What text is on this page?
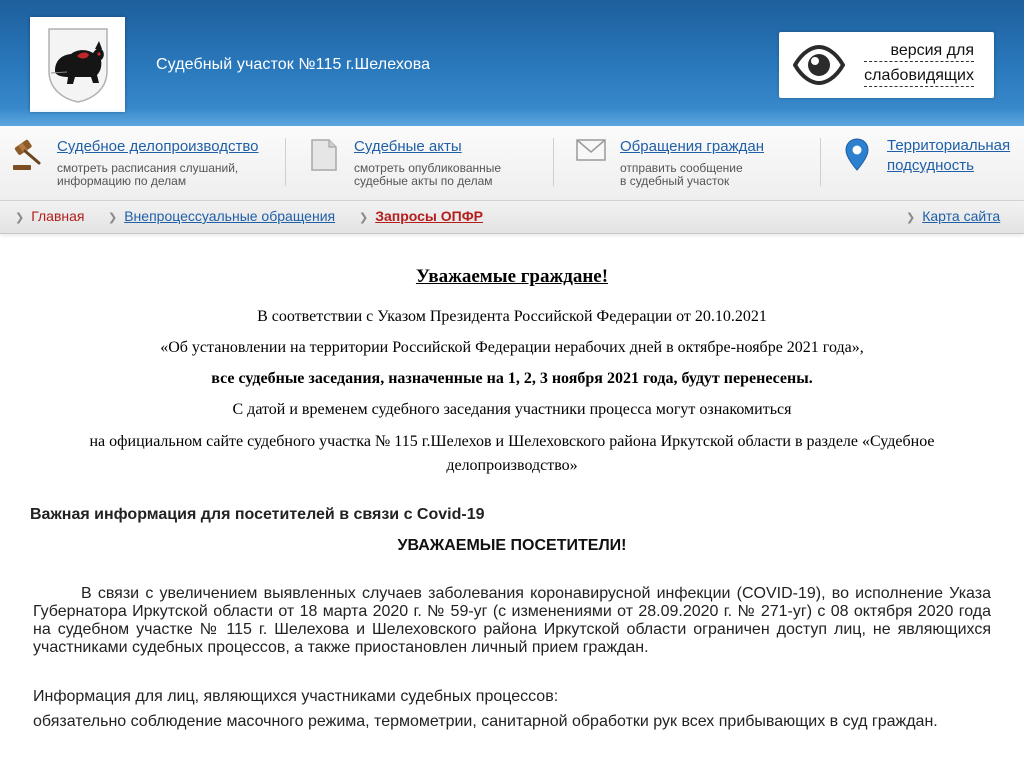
Судебный участок №115 г.Шелехова
версия для
слабовидящих
Судебное делопроизводство
смотреть расписания слушаний,
информацию по делам
Судебные акты
смотреть опубликованные
судебные акты по делам
Обращения граждан
отправить сообщение
в судебный участок
Территориальная
подсудность
❯ Главная ❯ Внепроцессуальные обращения ❯ Запросы ОПФР	❯ Карта сайта
Уважаемые граждане!
В соответствии с Указом Президента Российской Федерации от 20.10.2021
«Об установлении на территории Российской Федерации нерабочих дней в октябре-ноябре 2021 года»,
все судебные заседания, назначенные на 1, 2, 3 ноября 2021 года, будут перенесены.
С датой и временем судебного заседания участники процесса могут ознакомиться
на официальном сайте судебного участка № 115 г.Шелехов и Шелеховского района Иркутской области в разделе «Судебное делопроизводство»
Важная информация для посетителей в связи с Covid-19
УВАЖАЕМЫЕ ПОСЕТИТЕЛИ!
В связи с увеличением выявленных случаев заболевания коронавирусной инфекции (COVID-19), во исполнение Указа Губернатора Иркутской области от 18 марта 2020 г. № 59-уг (с изменениями от 28.09.2020 г. № 271-уг) с 08 октября 2020 года на судебном участке № 115 г. Шелехова и Шелеховского района Иркутской области ограничен доступ лиц, не являющихся участниками судебных процессов, а также приостановлен личный прием граждан.
Информация для лиц, являющихся участниками судебных процессов:
обязательно соблюдение масочного режима, термометрии, санитарной обработки рук всех прибывающих в суд граждан.
